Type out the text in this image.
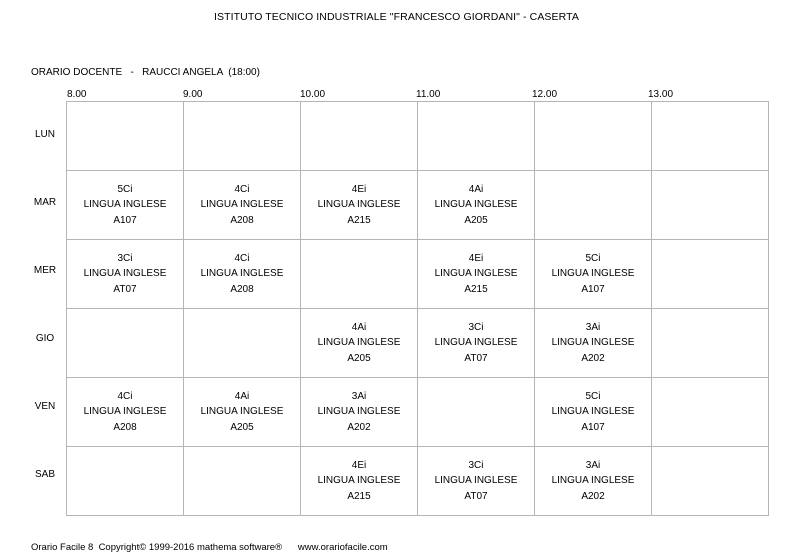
ISTITUTO TECNICO INDUSTRIALE "FRANCESCO GIORDANI" - CASERTA
ORARIO DOCENTE   -   RAUCCI ANGELA  (18:00)
8.00	9.00	10.00	11.00	12.00	13.00
LUN
MAR
MER
GIO
VEN
SAB

5Ci
LINGUA INGLESE
A107	4Ci
LINGUA INGLESE
A208	4Ei
LINGUA INGLESE
A215	4Ai
LINGUA INGLESE
A205		

3Ci
LINGUA INGLESE
AT07	4Ci
LINGUA INGLESE
A208		4Ei
LINGUA INGLESE
A215	5Ci
LINGUA INGLESE
A107	

		4Ai
LINGUA INGLESE
A205	3Ci
LINGUA INGLESE
AT07	3Ai
LINGUA INGLESE
A202	

4Ci
LINGUA INGLESE
A208	4Ai
LINGUA INGLESE
A205	3Ai
LINGUA INGLESE
A202		5Ci
LINGUA INGLESE
A107	

		4Ei
LINGUA INGLESE
A215	3Ci
LINGUA INGLESE
AT07	3Ai
LINGUA INGLESE
A202	

Orario Facile 8  Copyright© 1999-2016 mathema software®      www.orariofacile.com
